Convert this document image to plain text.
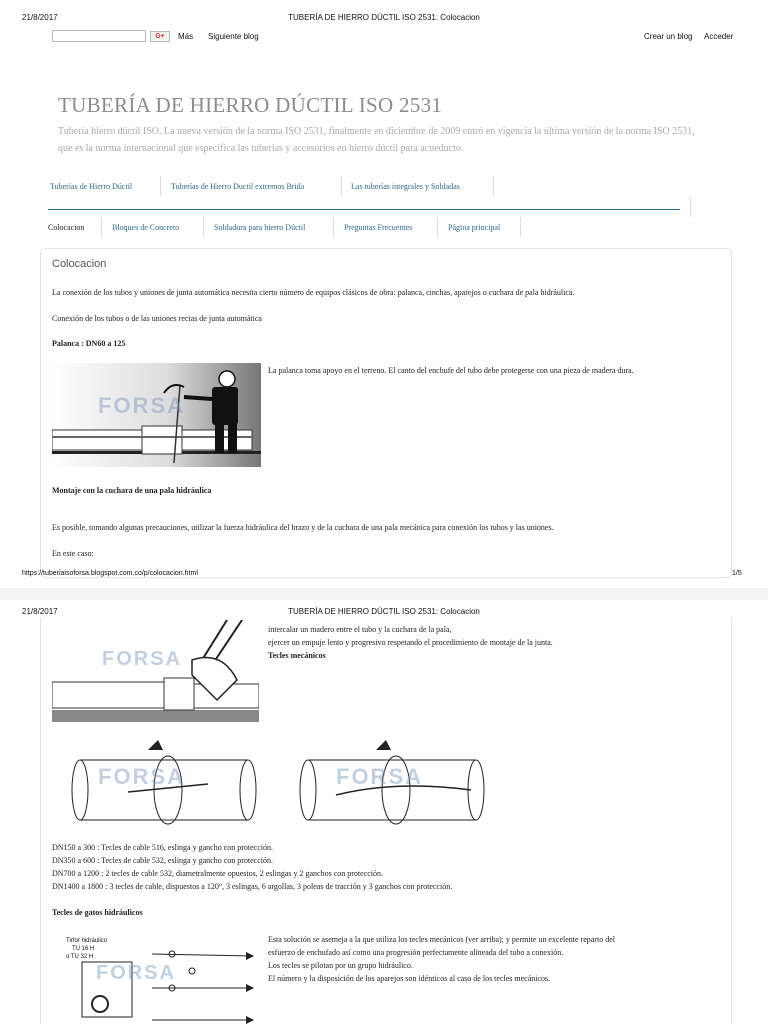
21/8/2017	TUBERÍA DE HIERRO DÚCTIL ISO 2531: Colocacion
G+	Más Siguiente blog	Crear un blog Acceder
TUBERÍA DE HIERRO DÚCTIL ISO 2531
Tubería hierro dúctil ISO. La nueva versión de la norma ISO 2531, finalmente en diciembre de 2009 entró en vigencia la última versión de la norma ISO 2531, que es la norma internacional que especifica las tuberías y accesorios en hierro dúctil para acueducto.
Tuberías de Hierro Dúctil	Tuberías de Hierro Ductil extremos Brida	Las tuberías integrales y Soldadas
Colocacion	Bloques de Concreto	Soldadura para hierro Dúctil	Preguntas Frecuentes	Página principal
Colocacion
La conexión de los tubos y uniones de junta automática necesita cierto número de equipos clásicos de obra: palanca, cinchas, aparejos o cuchara de pala hidráulica.
Conexión de los tubos o de las uniones rectas de junta automática
Palanca : DN60 a 125
FORSA
La palanca toma apoyo en el terreno. El canto del enchufe del tubo debe protegerse con una pieza de madera dura.
Montaje con la cuchara de una pala hidráulica
Es posible, tomando algunas precauciones, utilizar la fuerza hidráulica del brazo y de la cuchara de una pala mecánica para conexión los tubos y las uniones.
En este caso:
https://tuberiaisoforsa.blogspot.com.co/p/colocacion.html	1/5
21/8/2017	TUBERÍA DE HIERRO DÚCTIL ISO 2531: Colocacion
FORSA
intercalar un madero entre el tubo y la cuchara de la pala,
ejercer un empuje lento y progresivo respetando el procedimiento de montaje de la junta.
Tecles mecánicos
FORSA	FORSA
DN150 a 300 : Tecles de cable 516, eslinga y gancho con protección.
DN350 a 600 : Tecles de cable 532, eslinga y gancho con protección.
DN700 a 1200 : 2 tecles de cable 532, diametralmente opuestos, 2 eslingas y 2 ganchos con protección.
DN1400 a 1800 : 3 tecles de cable, dispuestos a 120°, 3 eslingas, 6 argollas, 3 poleas de tracción y 3 ganchos con protección.
Tecles de gatos hidráulicos
Tirfor hidráulico
TU 16 H
o TU 32 H
FORSA
Esta solución se asemeja a la que utiliza los tecles mecánicos (ver arriba); y permite un excelente reparto del
esfuerzo de enchufado así como una progresión perfectamente alineada del tubo a conexión.
Los tecles se pilotan por un grupo hidráulico.
El número y la disposición de los aparejos son idénticos al caso de los tecles mecánicos.
